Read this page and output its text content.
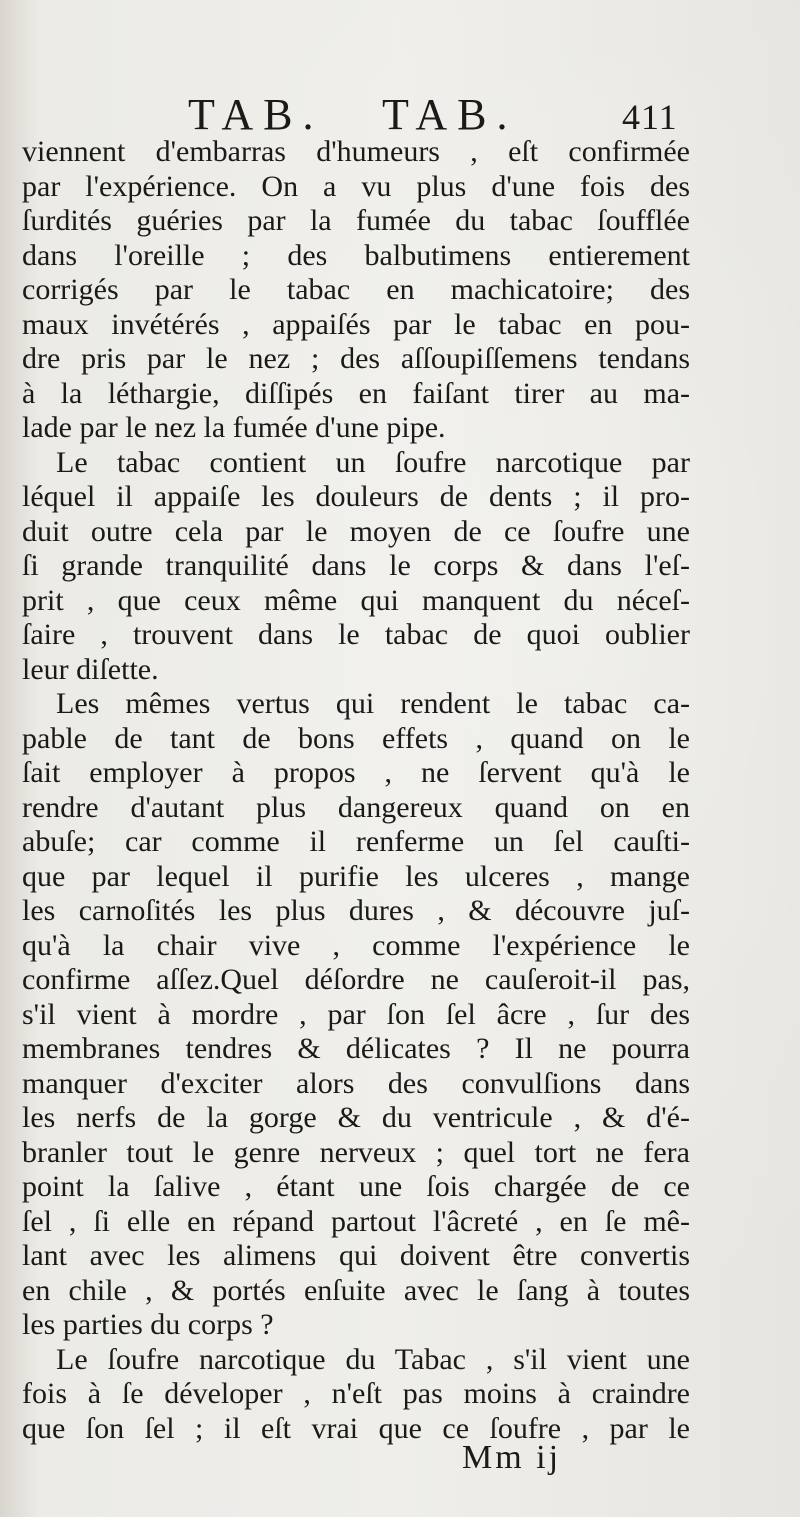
TAB. TAB.	411
viennent d'embarras d'humeurs , eſt confirmée
par l'expérience. On a vu plus d'une fois des
ſurdités guéries par la fumée du tabac ſoufflée
dans l'oreille ; des balbutimens entierement
corrigés par le tabac en machicatoire; des
maux invétérés , appaiſés par le tabac en pou-
dre pris par le nez ; des aſſoupiſſemens tendans
à la léthargie, diſſipés en faiſant tirer au ma-
lade par le nez la fumée d'une pipe.
Le tabac contient un ſoufre narcotique par
léquel il appaiſe les douleurs de dents ; il pro-
duit outre cela par le moyen de ce ſoufre une
ſi grande tranquilité dans le corps & dans l'eſ-
prit , que ceux même qui manquent du néceſ-
ſaire , trouvent dans le tabac de quoi oublier
leur diſette.
Les mêmes vertus qui rendent le tabac ca-
pable de tant de bons effets , quand on le
ſait employer à propos , ne ſervent qu'à le
rendre d'autant plus dangereux quand on en
abuſe; car comme il renferme un ſel cauſti-
que par lequel il purifie les ulceres , mange
les carnoſités les plus dures , & découvre juſ-
qu'à la chair vive , comme l'expérience le
confirme aſſez.Quel déſordre ne cauſeroit-il pas,
s'il vient à mordre , par ſon ſel âcre , ſur des
membranes tendres & délicates ? Il ne pourra
manquer d'exciter alors des convulſions dans
les nerfs de la gorge & du ventricule , & d'é-
branler tout le genre nerveux ; quel tort ne fera
point la ſalive , étant une ſois chargée de ce
ſel , ſi elle en répand partout l'âcreté , en ſe mê-
lant avec les alimens qui doivent être convertis
en chile , & portés enſuite avec le ſang à toutes
les parties du corps ?
Le ſoufre narcotique du Tabac , s'il vient une
fois à ſe déveloper , n'eſt pas moins à craindre
que ſon ſel ; il eſt vrai que ce ſoufre , par le
Mm ij
